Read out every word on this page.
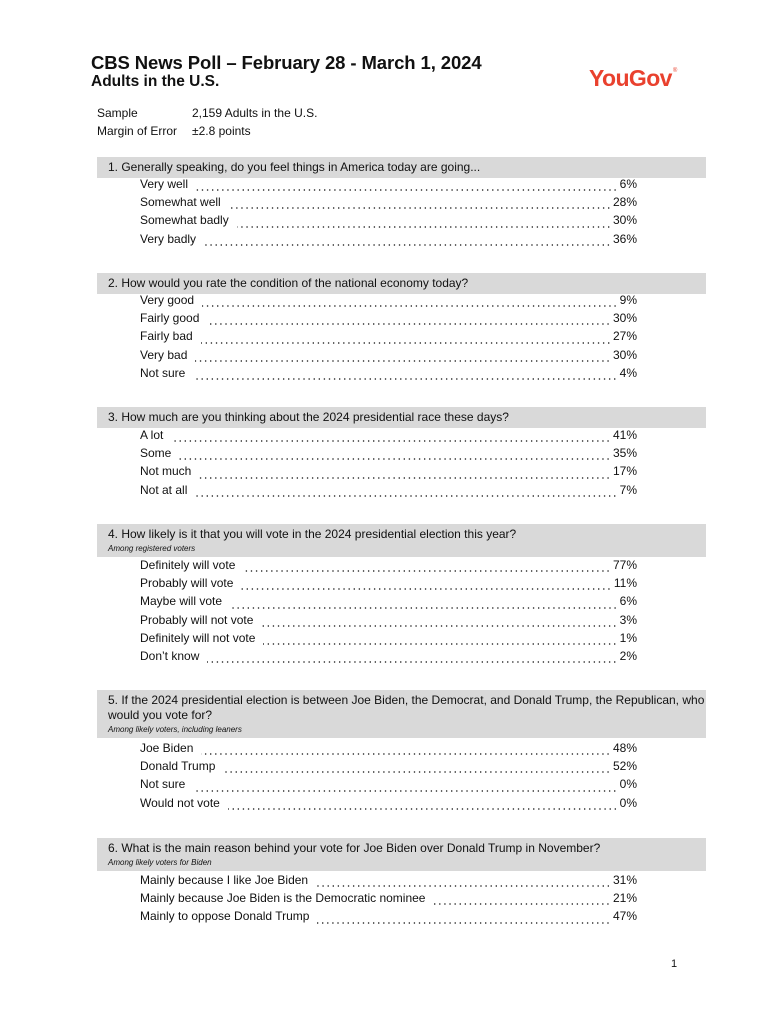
CBS News Poll – February 28 - March 1, 2024
Adults in the U.S.	YouGov®
Sample	2,159 Adults in the U.S.
Margin of Error ±2.8 points
1. Generally speaking, do you feel things in America today are going...
Very well	6%
Somewhat well	28%
Somewhat badly	30%
Very badly	36%
2. How would you rate the condition of the national economy today?
Very good	9%
Fairly good	30%
Fairly bad	27%
Very bad	30%
Not sure	4%
3. How much are you thinking about the 2024 presidential race these days?
A lot	41%
Some	35%
Not much	17%
Not at all	7%
4. How likely is it that you will vote in the 2024 presidential election this year?
Among registered voters
Definitely will vote	77%
Probably will vote	11%
Maybe will vote	6%
Probably will not vote	3%
Definitely will not vote	1%
Don’t know	2%
5. If the 2024 presidential election is between Joe Biden, the Democrat, and Donald Trump, the Republican, who would you vote for?
Among likely voters, including leaners
Joe Biden	48%
Donald Trump	52%
Not sure	0%
Would not vote	0%
6. What is the main reason behind your vote for Joe Biden over Donald Trump in November?
Among likely voters for Biden
Mainly because I like Joe Biden	31%
Mainly because Joe Biden is the Democratic nominee	21%
Mainly to oppose Donald Trump	47%
1
